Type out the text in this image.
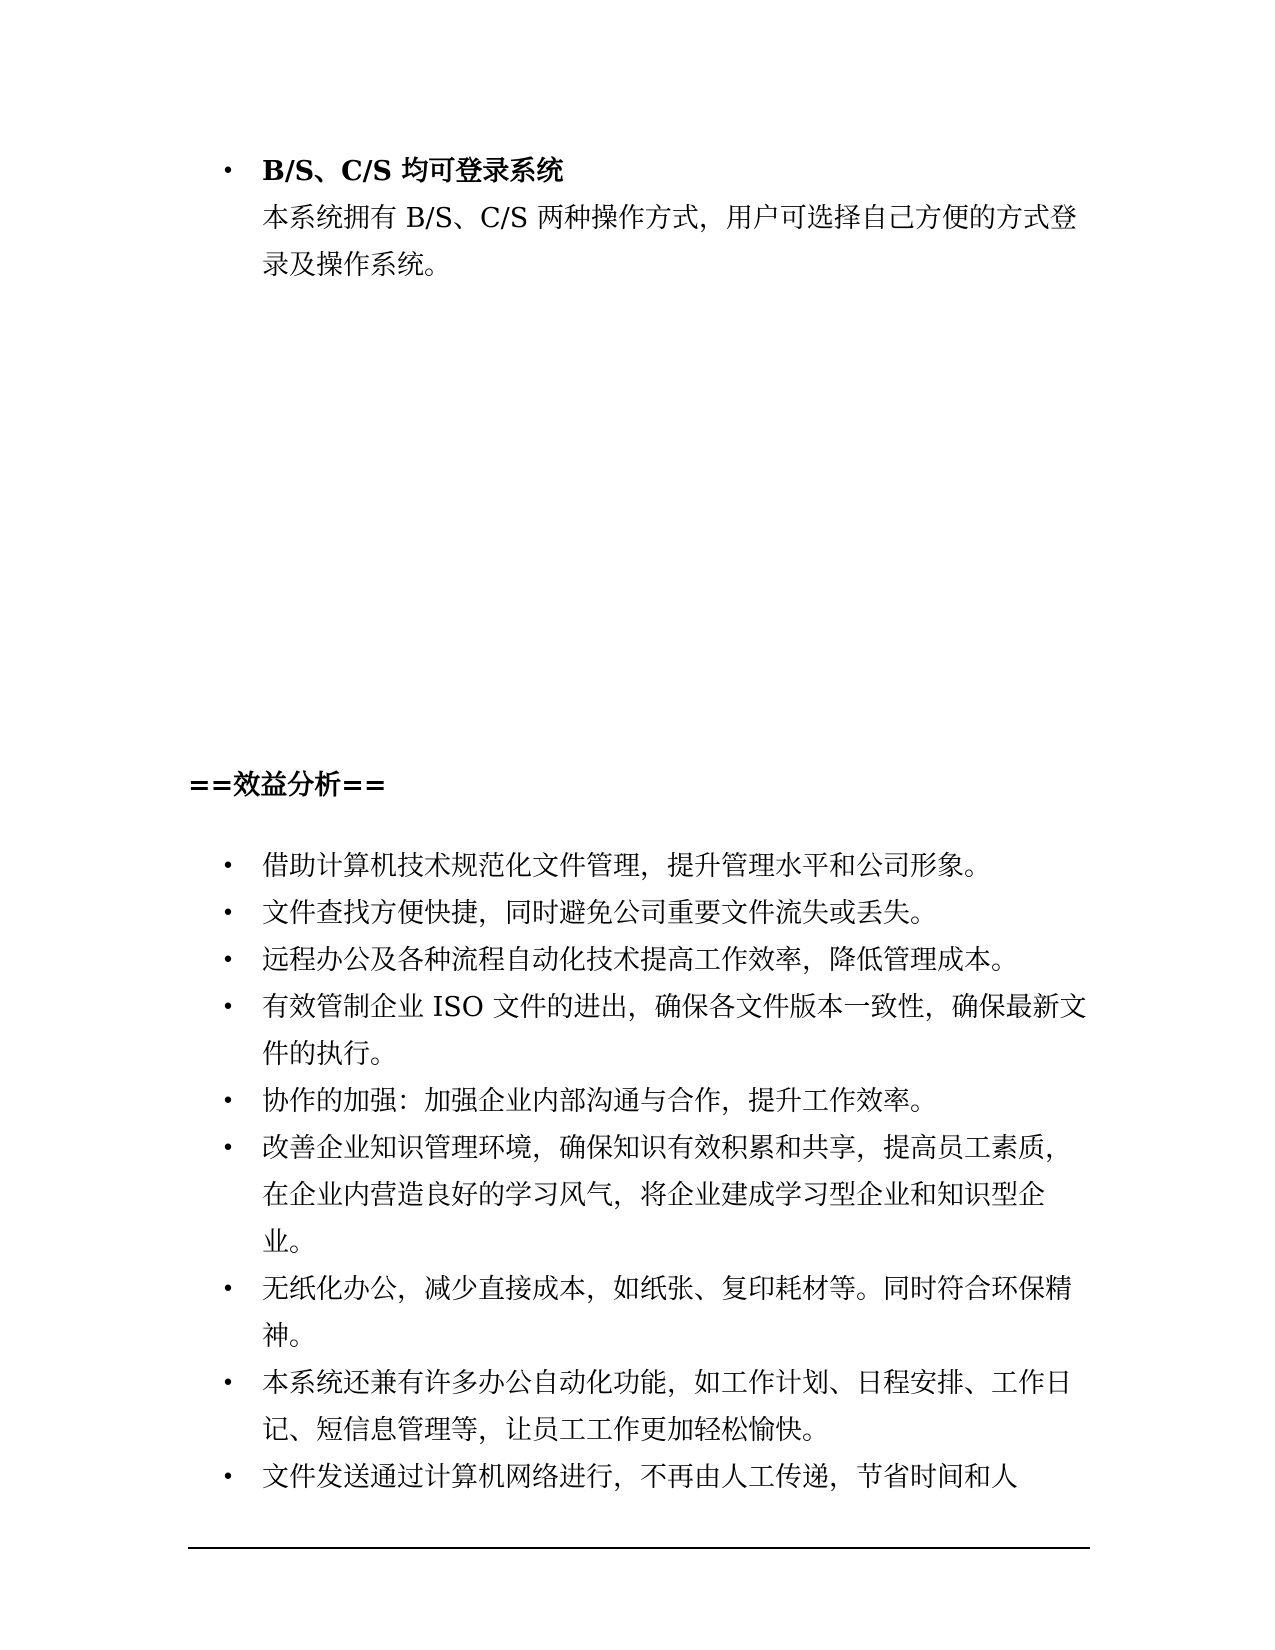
• B/S、C/S 均可登录系统
本系统拥有 B/S、C/S 两种操作方式，用户可选择自己方便的方式登录及操作系统。
==效益分析==
• 借助计算机技术规范化文件管理，提升管理水平和公司形象。
• 文件查找方便快捷，同时避免公司重要文件流失或丢失。
• 远程办公及各种流程自动化技术提高工作效率，降低管理成本。
• 有效管制企业 ISO 文件的进出，确保各文件版本一致性，确保最新文件的执行。
• 协作的加强：加强企业内部沟通与合作，提升工作效率。
• 改善企业知识管理环境，确保知识有效积累和共享，提高员工素质，在企业内营造良好的学习风气，将企业建成学习型企业和知识型企业。
• 无纸化办公，减少直接成本，如纸张、复印耗材等。同时符合环保精神。
• 本系统还兼有许多办公自动化功能，如工作计划、日程安排、工作日记、短信息管理等，让员工工作更加轻松愉快。
• 文件发送通过计算机网络进行，不再由人工传递，节省时间和人
